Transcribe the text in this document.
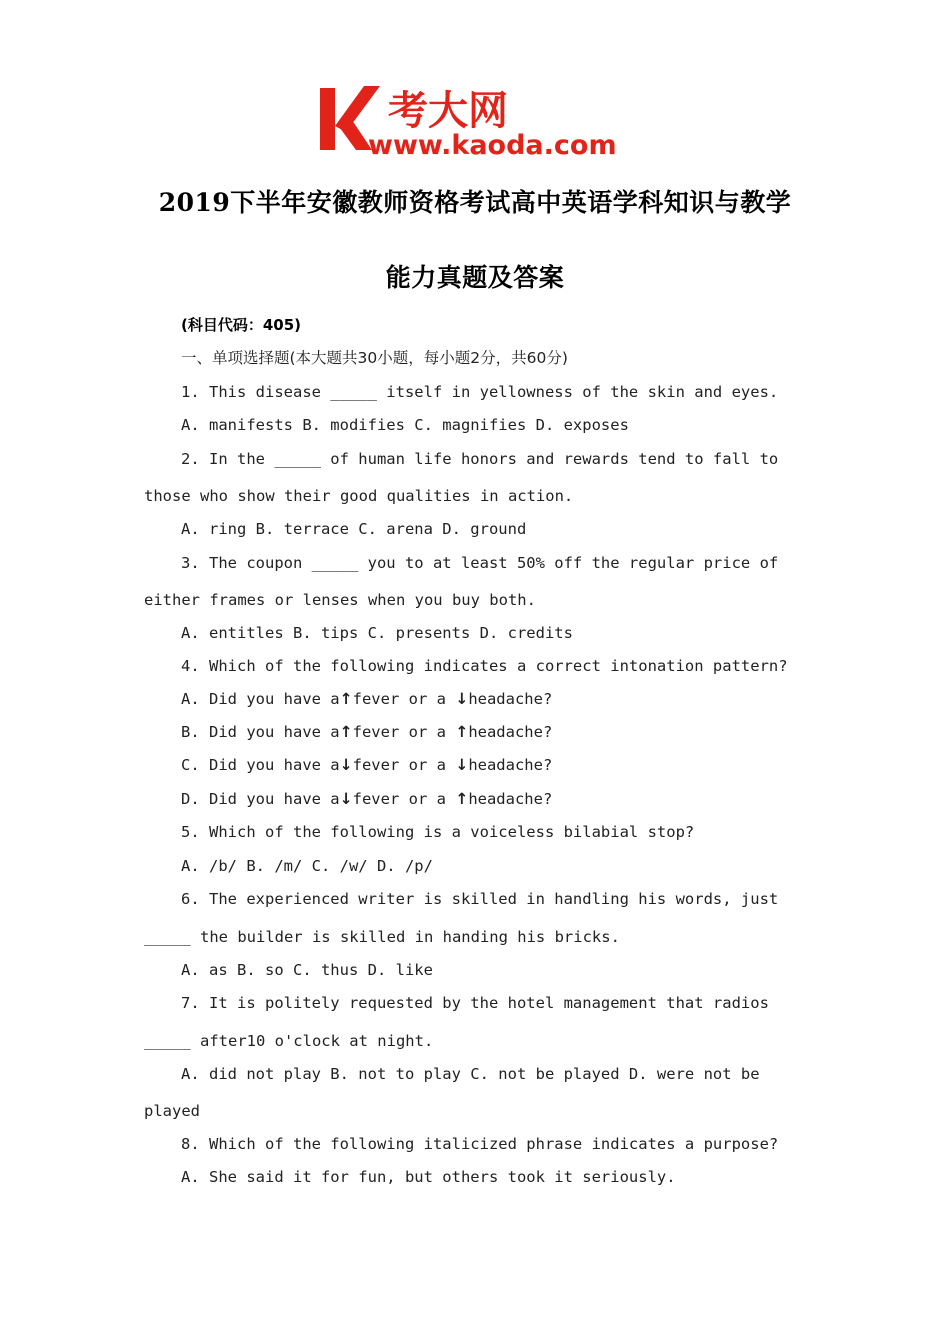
考大网
www.kaoda.com
2019下半年安徽教师资格考试高中英语学科知识与教学
能力真题及答案
(科目代码：405)
一、单项选择题(本大题共30小题，每小题2分，共60分)
1. This disease _____ itself in yellowness of the skin and eyes.
A. manifests B. modifies C. magnifies D. exposes
2. In the _____ of human life honors and rewards tend to fall to
those who show their good qualities in action.
A. ring B. terrace C. arena D. ground
3. The coupon _____ you to at least 50% off the regular price of
either frames or lenses when you buy both.
A. entitles B. tips C. presents D. credits
4. Which of the following indicates a correct intonation pattern?
A. Did you have a↑fever or a ↓headache?
B. Did you have a↑fever or a ↑headache?
C. Did you have a↓fever or a ↓headache?
D. Did you have a↓fever or a ↑headache?
5. Which of the following is a voiceless bilabial stop?
A. /b/ B. /m/ C. /w/ D. /p/
6. The experienced writer is skilled in handling his words, just
_____ the builder is skilled in handing his bricks.
A. as B. so C. thus D. like
7. It is politely requested by the hotel management that radios
_____ after10 o'clock at night.
A. did not play B. not to play C. not be played D. were not be
played
8. Which of the following italicized phrase indicates a purpose?
A. She said it for fun, but others took it seriously.
